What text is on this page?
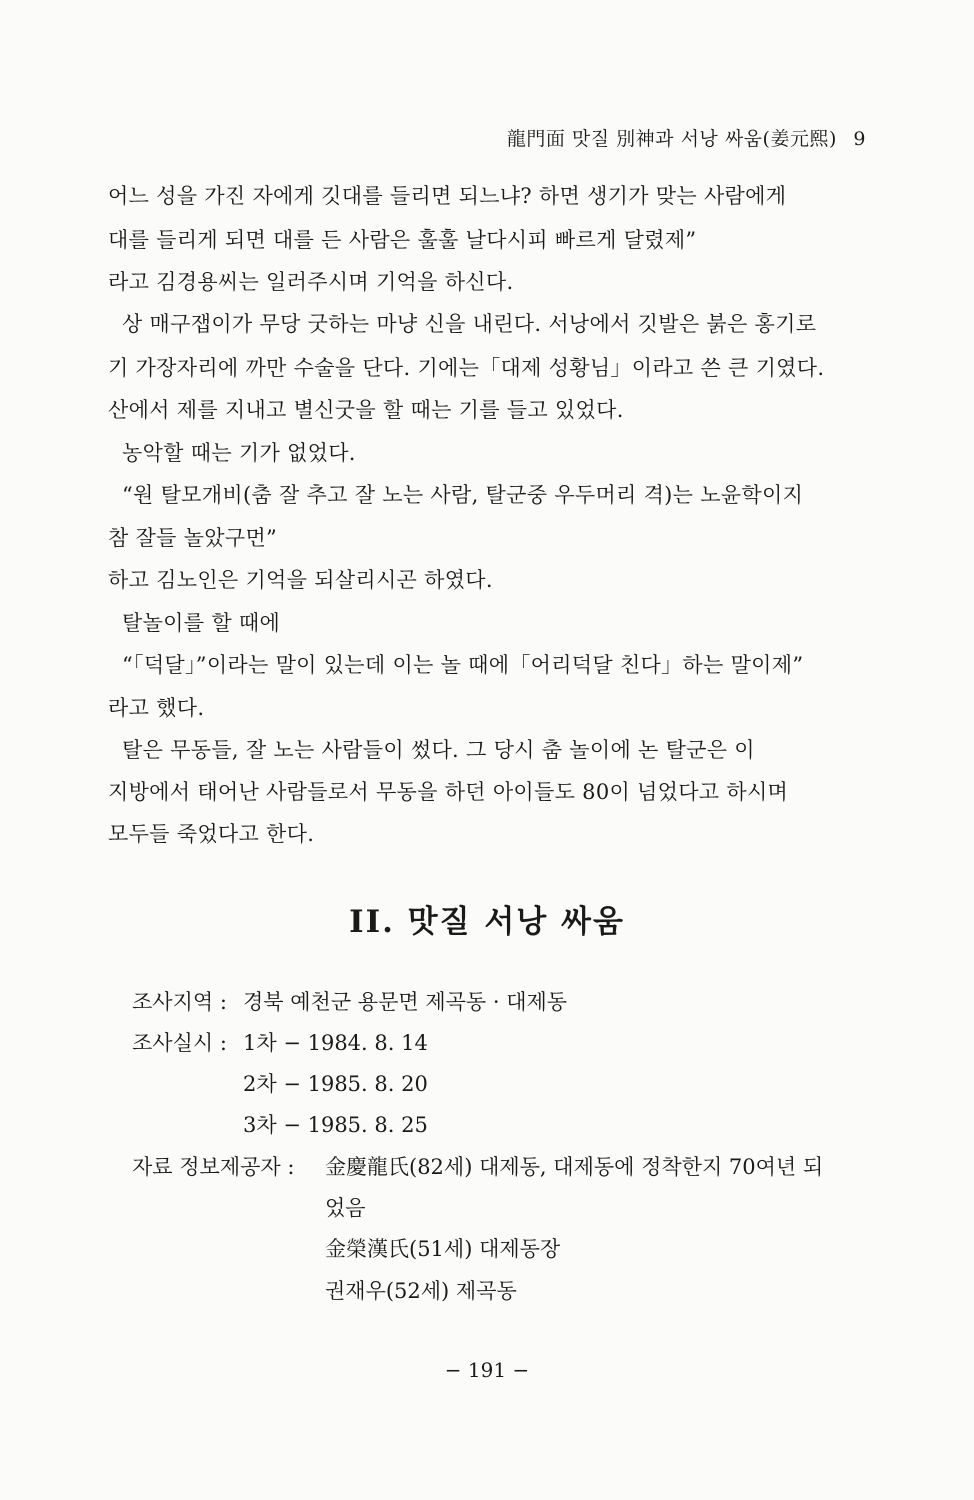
龍門面 맛질 別神과 서낭 싸움(姜元熙) 9
어느 성을 가진 자에게 깃대를 들리면 되느냐? 하면 생기가 맞는 사람에게
대를 들리게 되면 대를 든 사람은 훌훌 날다시피 빠르게 달렸제”
라고 김경용씨는 일러주시며 기억을 하신다.
상 매구잽이가 무당 굿하는 마냥 신을 내린다. 서낭에서 깃발은 붉은 홍기로
기 가장자리에 까만 수술을 단다. 기에는「대제 성황님」이라고 쓴 큰 기였다.
산에서 제를 지내고 별신굿을 할 때는 기를 들고 있었다.
농악할 때는 기가 없었다.
“원 탈모개비(춤 잘 추고 잘 노는 사람, 탈군중 우두머리 격)는 노윤학이지
참 잘들 놀았구먼”
하고 김노인은 기억을 되살리시곤 하였다.
탈놀이를 할 때에
“「덕달」”이라는 말이 있는데 이는 놀 때에「어리덕달 친다」하는 말이제”
라고 했다.
탈은 무동들, 잘 노는 사람들이 썼다. 그 당시 춤 놀이에 논 탈군은 이
지방에서 태어난 사람들로서 무동을 하던 아이들도 80이 넘었다고 하시며
모두들 죽었다고 한다.
II. 맛질 서낭 싸움
조사지역 : 경북 예천군 용문면 제곡동 · 대제동
조사실시 : 1차 − 1984. 8. 14
2차 − 1985. 8. 20
3차 − 1985. 8. 25
자료 정보제공자 : 金慶龍氏(82세) 대제동, 대제동에 정착한지 70여년 되
었음
金榮漢氏(51세) 대제동장
권재우(52세) 제곡동
− 191 −
